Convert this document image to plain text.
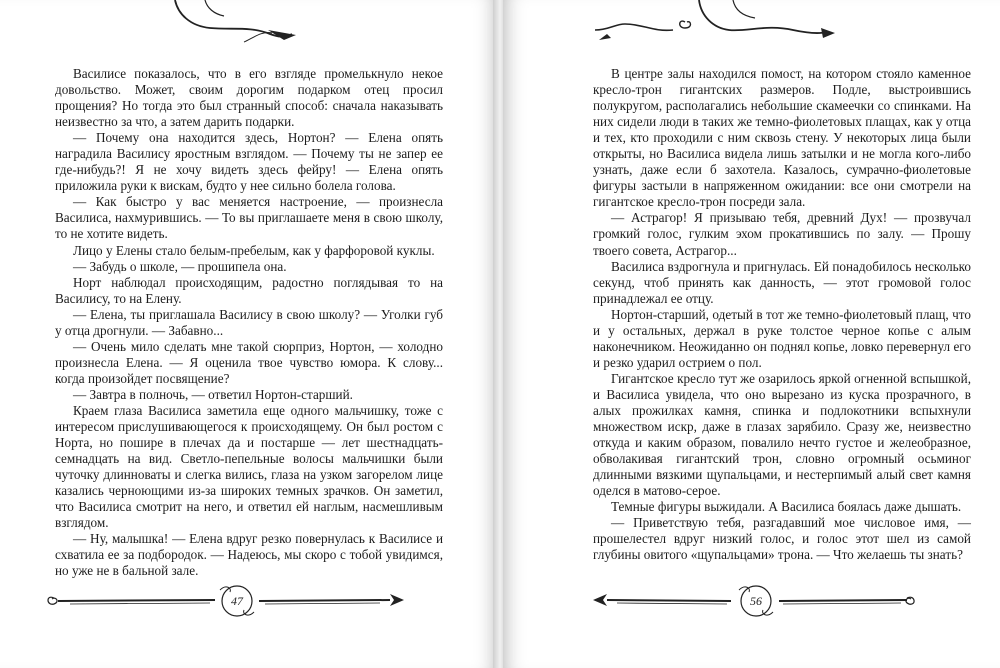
Василисе показалось, что в его взгляде промелькнуло некое довольство. Может, своим дорогим подарком отец просил прощения? Но тогда это был странный способ: сначала наказывать неизвестно за что, а затем дарить подарки.

— Почему она находится здесь, Нортон? — Елена опять наградила Василису яростным взглядом. — Почему ты не запер ее где-нибудь?! Я не хочу видеть здесь фейру! — Елена опять приложила руки к вискам, будто у нее сильно болела голова.

— Как быстро у вас меняется настроение, — произнесла Василиса, нахмурившись. — То вы приглашаете меня в свою школу, то не хотите видеть.

Лицо у Елены стало белым-пребелым, как у фарфоровой куклы.

— Забудь о школе, — прошипела она.

Норт наблюдал происходящим, радостно поглядывая то на Василису, то на Елену.

— Елена, ты приглашала Василису в свою школу? — Уголки губ у отца дрогнули. — Забавно...

— Очень мило сделать мне такой сюрприз, Нортон, — холодно произнесла Елена. — Я оценила твое чувство юмора. К слову... когда произойдет посвящение?

— Завтра в полночь, — ответил Нортон-старший.

Краем глаза Василиса заметила еще одного мальчишку, тоже с интересом прислушивающегося к происходящему. Он был ростом с Норта, но пошире в плечах да и постарше — лет шестнадцать-семнадцать на вид. Светло-пепельные волосы мальчишки были чуточку длинноваты и слегка вились, глаза на узком загорелом лице казались черноющими из-за широких темных зрачков. Он заметил, что Василиса смотрит на него, и ответил ей наглым, насмешливым взглядом.

— Ну, малышка! — Елена вдруг резко повернулась к Василисе и схватила ее за подбородок. — Надеюсь, мы скоро с тобой увидимся, но уже не в бальной зале.

47

В центре залы находился помост, на котором стояло каменное кресло-трон гигантских размеров. Подле, выстроившись полукругом, располагались небольшие скамеечки со спинками. На них сидели люди в таких же темно-фиолетовых плащах, как у отца и тех, кто проходили с ним сквозь стену. У некоторых лица были открыты, но Василиса видела лишь затылки и не могла кого-либо узнать, даже если б захотела. Казалось, сумрачно-фиолетовые фигуры застыли в напряженном ожидании: все они смотрели на гигантское кресло-трон посреди зала.

— Астрагор! Я призываю тебя, древний Дух! — прозвучал громкий голос, гулким эхом прокатившись по залу. — Прошу твоего совета, Астрагор...

Василиса вздрогнула и пригнулась. Ей понадобилось несколько секунд, чтоб принять как данность, — этот громовой голос принадлежал ее отцу.

Нортон-старший, одетый в тот же темно-фиолетовый плащ, что и у остальных, держал в руке толстое черное копье с алым наконечником. Неожиданно он поднял копье, ловко перевернул его и резко ударил острием о пол.

Гигантское кресло тут же озарилось яркой огненной вспышкой, и Василиса увидела, что оно вырезано из куска прозрачного, в алых прожилках камня, спинка и подлокотники вспыхнули множеством искр, даже в глазах зарябило. Сразу же, неизвестно откуда и каким образом, повалило нечто густое и желеобразное, обволакивая гигантский трон, словно огромный осьминог длинными вязкими щупальцами, и нестерпимый алый свет камня оделся в матово-серое.

Темные фигуры выжидали. А Василиса боялась даже дышать.

— Приветствую тебя, разгадавший мое числовое имя, — прошелестел вдруг низкий голос, и голос этот шел из самой глубины овитого «щупальцами» трона. — Что желаешь ты знать?

56
